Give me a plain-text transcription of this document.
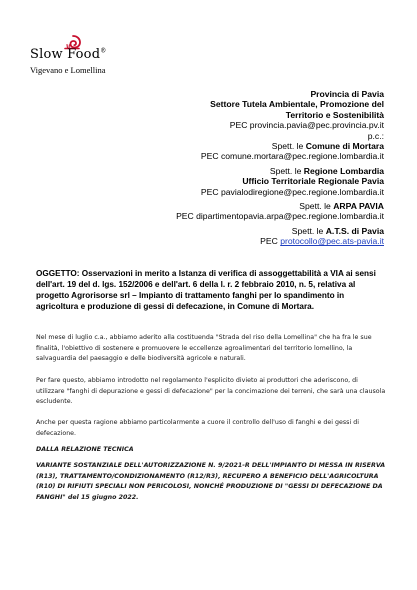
Slow Food®
Vigevano e Lomellina
Provincia di Pavia
Settore Tutela Ambientale, Promozione del
Territorio e Sostenibilità
PEC provincia.pavia@pec.provincia.pv.it
p.c.:
Spett. le Comune di Mortara
PEC comune.mortara@pec.regione.lombardia.it
Spett. le Regione Lombardia
Ufficio Territoriale Regionale Pavia
PEC pavialodiregione@pec.regione.lombardia.it
Spett. le ARPA PAVIA
PEC dipartimentopavia.arpa@pec.regione.lombardia.it
Spett. le A.T.S. di Pavia
PEC protocollo@pec.ats-pavia.it
OGGETTO: Osservazioni in merito a Istanza di verifica di assoggettabilità a VIA ai sensi dell'art. 19 del d. lgs. 152/2006 e dell'art. 6 della l. r. 2 febbraio 2010, n. 5, relativa al progetto Agrorisorse srl – Impianto di trattamento fanghi per lo spandimento in agricoltura e produzione di gessi di defecazione, in Comune di Mortara.
Nel mese di luglio c.a., abbiamo aderito alla costituenda "Strada del riso della Lomellina" che ha fra le sue finalità, l'obiettivo di sostenere e promuovere le eccellenze agroalimentari del territorio lomellino, la salvaguardia del paesaggio e delle biodiversità agricole e naturali.
Per fare questo, abbiamo introdotto nel regolamento l'esplicito divieto ai produttori che aderiscono, di utilizzare "fanghi di depurazione e gessi di defecazione" per la concimazione dei terreni, che sarà una clausola escludente.
Anche per questa ragione abbiamo particolarmente a cuore il controllo dell'uso di fanghi e dei gessi di defecazione.
DALLA RELAZIONE TECNICA
VARIANTE SOSTANZIALE DELL'AUTORIZZAZIONE N. 9/2021-R DELL'IMPIANTO DI MESSA IN RISERVA (R13), TRATTAMENTO/CONDIZIONAMENTO (R12/R3), RECUPERO A BENEFICIO DELL'AGRICOLTURA (R10) DI RIFIUTI SPECIALI NON PERICOLOSI, NONCHÉ PRODUZIONE DI "GESSI DI DEFECAZIONE DA FANGHI" del 15 giugno 2022.
